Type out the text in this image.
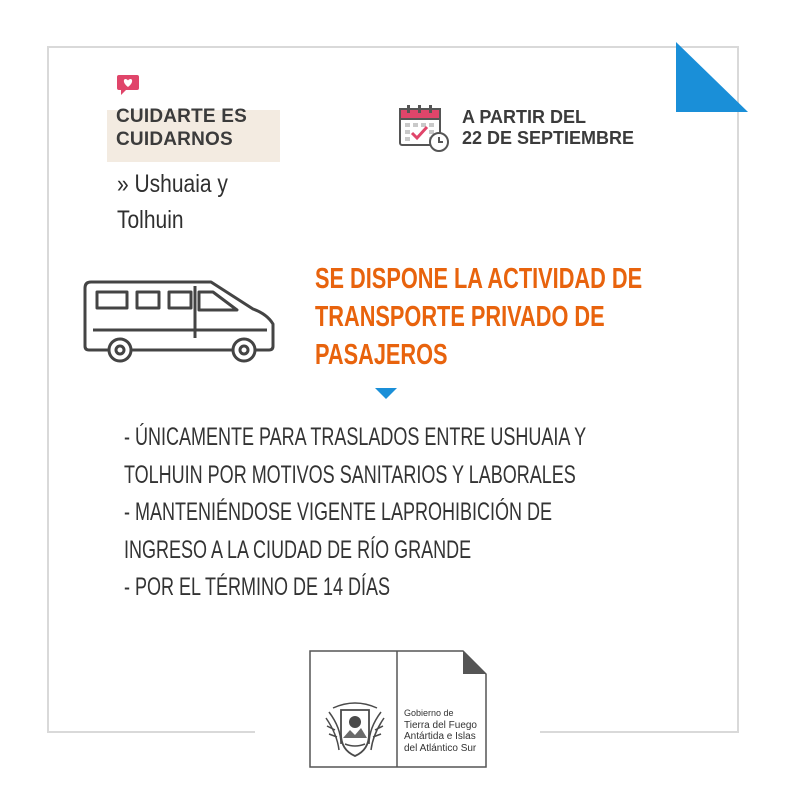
CUIDARTE ES
CUIDARNOS
» Ushuaia y Tolhuin
A PARTIR DEL
22 DE SEPTIEMBRE
SE DISPONE LA ACTIVIDAD DE
TRANSPORTE PRIVADO DE
PASAJEROS
- ÚNICAMENTE PARA TRASLADOS ENTRE USHUAIA Y
TOLHUIN POR MOTIVOS SANITARIOS Y LABORALES
- MANTENIÉNDOSE VIGENTE LAPROHIBICIÓN DE
INGRESO A LA CIUDAD DE RÍO GRANDE
- POR EL TÉRMINO DE 14 DÍAS
Gobierno de
Tierra del Fuego
Antártida e Islas
del Atlántico Sur
